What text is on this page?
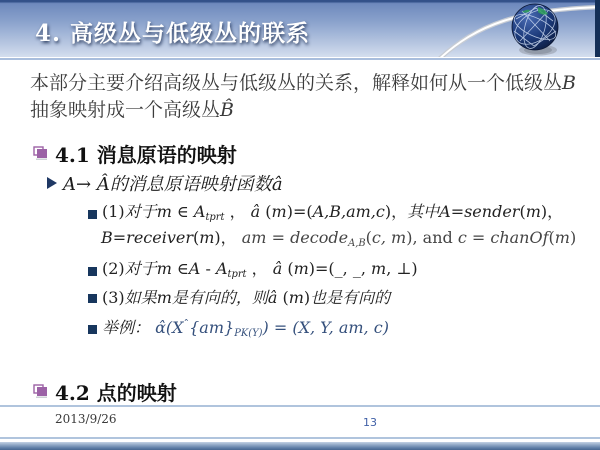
4. 高级丛与低级丛的联系
本部分主要介绍高级丛与低级丛的关系，解释如何从一个低级丛B抽象映射成一个高级丛B̂
4.1 消息原语的映射
A→ Â的消息原语映射函数â
(1)对于m ∈ $A_{tprt}$ ， â (m)=(A,B,am,c)，其中A=sender(m)，
B=receiver(m)， am = decodeA,B(c, m), and c = chanOf(m)
(2)对于m ∈A - $A_{tprt}$ ， â (m)=(_, _, m, ⊥)
(3)如果m是有向的，则â (m)也是有向的
举例： $\alphâ(X^ˆ\{am\}PK(Y)) = (X$, Y, am, c)
4.2 点的映射
2013/9/26	13
